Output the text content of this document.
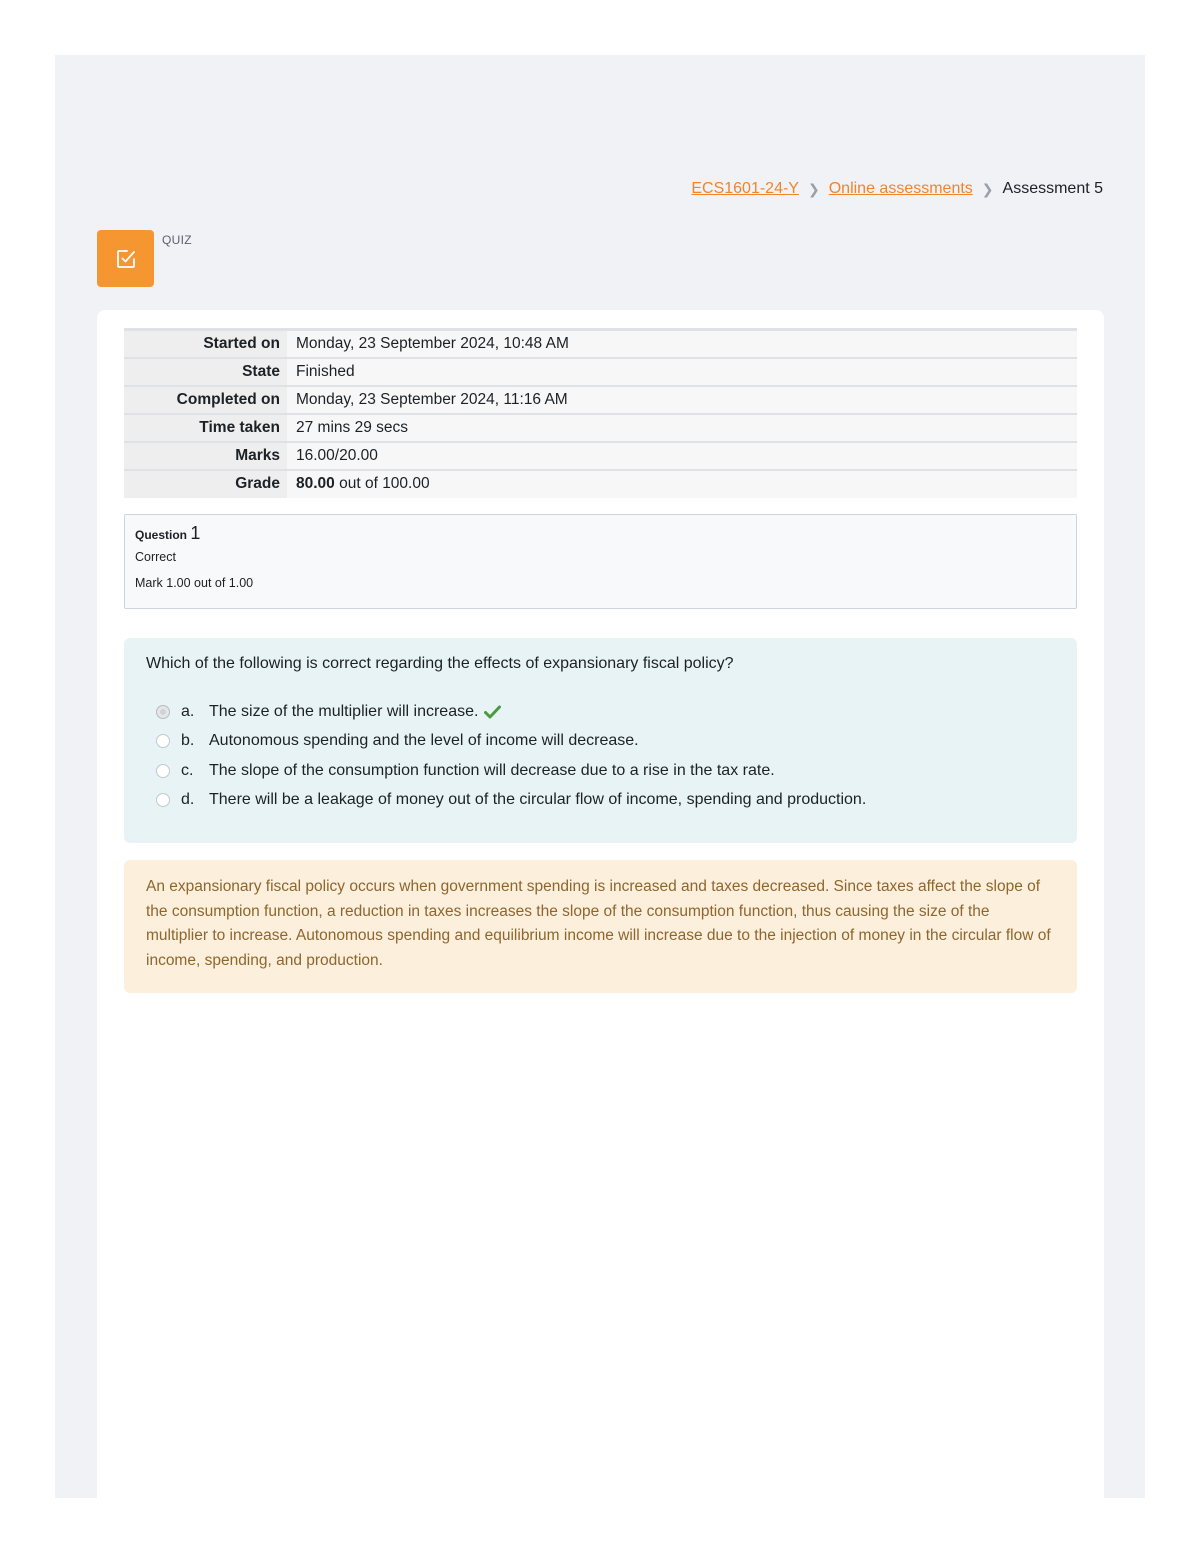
ECS1601-24-Y ❯ Online assessments ❯ Assessment 5
QUIZ
Started on	Monday, 23 September 2024, 10:48 AM
State	Finished
Completed on	Monday, 23 September 2024, 11:16 AM
Time taken	27 mins 29 secs
Marks	16.00/20.00
Grade	80.00 out of 100.00
Question 1
Correct
Mark 1.00 out of 1.00
Which of the following is correct regarding the effects of expansionary fiscal policy?
a. The size of the multiplier will increase.
b. Autonomous spending and the level of income will decrease.
c. The slope of the consumption function will decrease due to a rise in the tax rate.
d. There will be a leakage of money out of the circular flow of income, spending and production.
An expansionary fiscal policy occurs when government spending is increased and taxes decreased. Since taxes affect the slope of the consumption function, a reduction in taxes increases the slope of the consumption function, thus causing the size of the multiplier to increase. Autonomous spending and equilibrium income will increase due to the injection of money in the circular flow of income, spending, and production.
